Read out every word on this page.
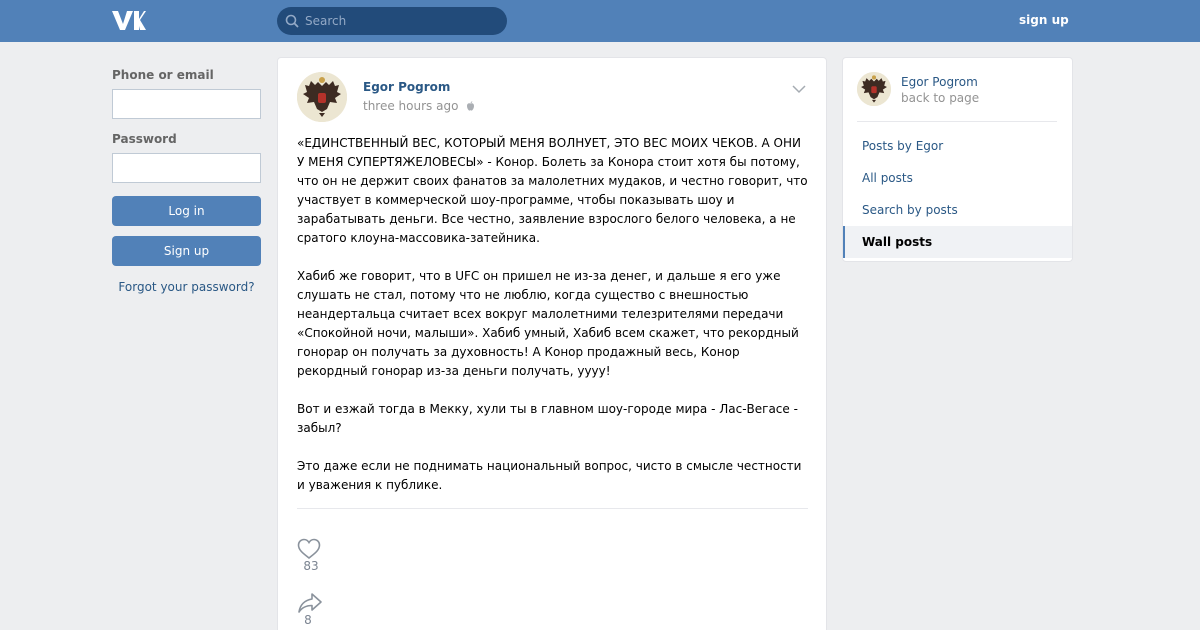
Search
sign up
Phone or email
Password
Log in
Sign up
Forgot your password?
Egor Pogrom
three hours ago

«ЕДИНСТВЕННЫЙ ВЕС, КОТОРЫЙ МЕНЯ ВОЛНУЕТ, ЭТО ВЕС МОИХ ЧЕКОВ. А ОНИ У МЕНЯ СУПЕРТЯЖЕЛОВЕСЫ» - Конор. Болеть за Конора стоит хотя бы потому, что он не держит своих фанатов за малолетних мудаков, и честно говорит, что участвует в коммерческой шоу-программе, чтобы показывать шоу и зарабатывать деньги. Все честно, заявление взрослого белого человека, а не сратого клоуна-массовика-затейника.

Хабиб же говорит, что в UFC он пришел не из-за денег, и дальше я его уже слушать не стал, потому что не люблю, когда существо с внешностью неандертальца считает всех вокруг малолетними телезрителями передачи «Спокойной ночи, малыши». Хабиб умный, Хабиб всем скажет, что рекордный гонорар он получать за духовность! А Конор продажный весь, Конор рекордный гонорар из-за деньги получать, уууу!

Вот и езжай тогда в Мекку, хули ты в главном шоу-городе мира - Лас-Вегасе - забыл?

Это даже если не поднимать национальный вопрос, чисто в смысле честности и уважения к публике.

83
8
Egor Pogrom
back to page
Posts by Egor
All posts
Search by posts
Wall posts
